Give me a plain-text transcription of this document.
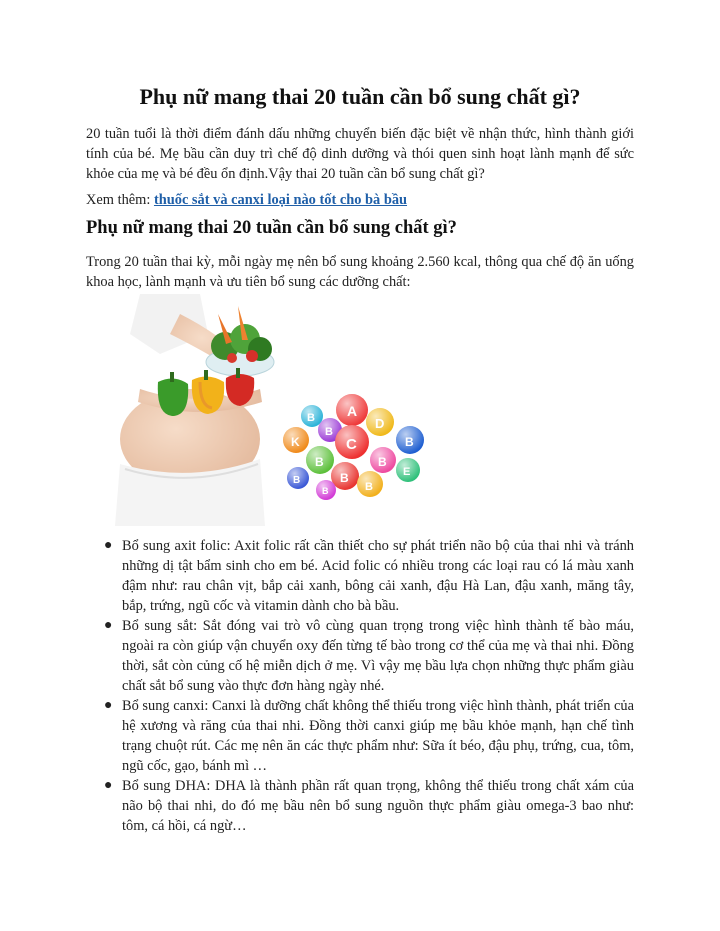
Phụ nữ mang thai 20 tuần cần bổ sung chất gì?

20 tuần tuổi là thời điểm đánh dấu những chuyển biến đặc biệt về nhận thức, hình thành giới tính của bé. Mẹ bầu cần duy trì chế độ dinh dưỡng và thói quen sinh hoạt lành mạnh để sức khỏe của mẹ và bé đều ổn định.Vậy thai 20 tuần cần bổ sung chất gì?

Xem thêm: thuốc sắt và canxi loại nào tốt cho bà bầu
Phụ nữ mang thai 20 tuần cần bổ sung chất gì?

Trong 20 tuần thai kỳ, mỗi ngày mẹ nên bổ sung khoảng 2.560 kcal, thông qua chế độ ăn uống khoa học, lành mạnh và ưu tiên bổ sung các dưỡng chất:

A
B
B
D
K	C	B
B	B
E
B	B
B
B
● Bổ sung axit folic: Axit folic rất cần thiết cho sự phát triển não bộ của thai nhi và tránh những dị tật bẩm sinh cho em bé. Acid folic có nhiều trong các loại rau có lá màu xanh đậm như: rau chân vịt, bắp cải xanh, bông cải xanh, đậu Hà Lan, đậu xanh, măng tây, bắp, trứng, ngũ cốc và vitamin dành cho bà bầu.
● Bổ sung sắt: Sắt đóng vai trò vô cùng quan trọng trong việc hình thành tế bào máu, ngoài ra còn giúp vận chuyển oxy đến từng tế bào trong cơ thể của mẹ và thai nhi. Đồng thời, sắt còn củng cố hệ miễn dịch ở mẹ. Vì vậy mẹ bầu lựa chọn những thực phẩm giàu chất sắt bổ sung vào thực đơn hàng ngày nhé.
● Bổ sung canxi: Canxi là dưỡng chất không thể thiếu trong việc hình thành, phát triển của hệ xương và răng của thai nhi. Đồng thời canxi giúp mẹ bầu khỏe mạnh, hạn chế tình trạng chuột rút. Các mẹ nên ăn các thực phẩm như: Sữa ít béo, đậu phụ, trứng, cua, tôm, ngũ cốc, gạo, bánh mì …
● Bổ sung DHA: DHA là thành phần rất quan trọng, không thể thiếu trong chất xám của não bộ thai nhi, do đó mẹ bầu nên bổ sung nguồn thực phẩm giàu omega-3 bao như: tôm, cá hồi, cá ngừ…
